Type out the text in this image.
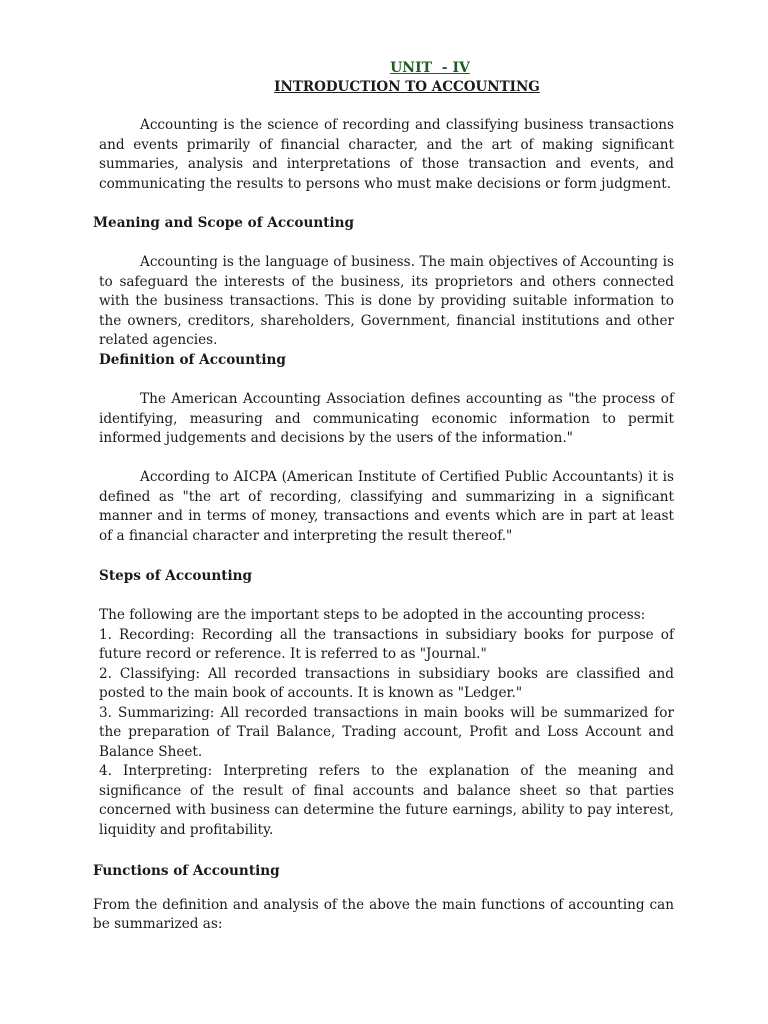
UNIT  - IV
INTRODUCTION TO ACCOUNTING

Accounting is the science of recording and classifying business transactions and events primarily of financial character, and the art of making significant summaries, analysis and interpretations of those transaction and events, and communicating the results to persons who must make decisions or form judgment.

Meaning and Scope of Accounting

Accounting is the language of business. The main objectives of Accounting is to safeguard the interests of the business, its proprietors and others connected with the business transactions. This is done by providing suitable information to the owners, creditors, shareholders, Government, financial institutions and other related agencies.

Definition of Accounting

The American Accounting Association defines accounting as "the process of identifying, measuring and communicating economic information to permit informed judgements and decisions by the users of the information."

According to AICPA (American Institute of Certified Public Accountants) it is defined as "the art of recording, classifying and summarizing in a significant manner and in terms of money, transactions and events which are in part at least of a financial character and interpreting the result thereof."

Steps of Accounting
The following are the important steps to be adopted in the accounting process:
1. Recording: Recording all the transactions in subsidiary books for purpose of future record or reference. It is referred to as "Journal."
2. Classifying: All recorded transactions in subsidiary books are classified and posted to the main book of accounts. It is known as "Ledger."
3. Summarizing: All recorded transactions in main books will be summarized for the preparation of Trail Balance, Trading account, Profit and Loss Account and Balance Sheet.
4. Interpreting: Interpreting refers to the explanation of the meaning and significance of the result of final accounts and balance sheet so that parties concerned with business can determine the future earnings, ability to pay interest, liquidity and profitability.
Functions of Accounting

From the definition and analysis of the above the main functions of accounting can be summarized as:
